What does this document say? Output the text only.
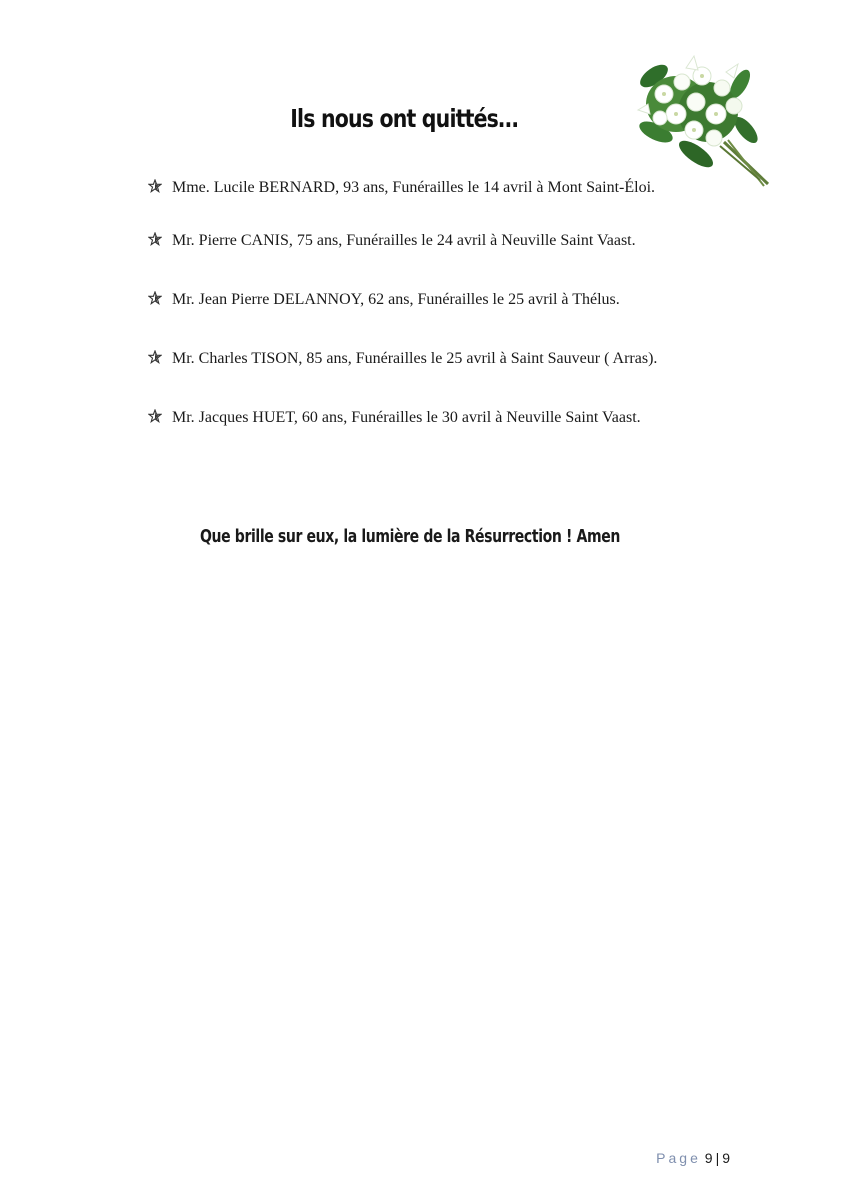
Ils nous ont quittés…
Mme. Lucile BERNARD, 93 ans, Funérailles le 14 avril à Mont Saint-Éloi.
Mr. Pierre CANIS, 75 ans, Funérailles le 24 avril à Neuville Saint Vaast.
Mr. Jean Pierre DELANNOY, 62 ans, Funérailles le 25 avril à Thélus.
Mr. Charles TISON, 85 ans, Funérailles le 25 avril à Saint Sauveur ( Arras).
Mr. Jacques HUET, 60 ans, Funérailles le 30 avril à Neuville Saint Vaast.
Que brille sur eux, la lumière de la Résurrection ! Amen
Page 9 | 9
